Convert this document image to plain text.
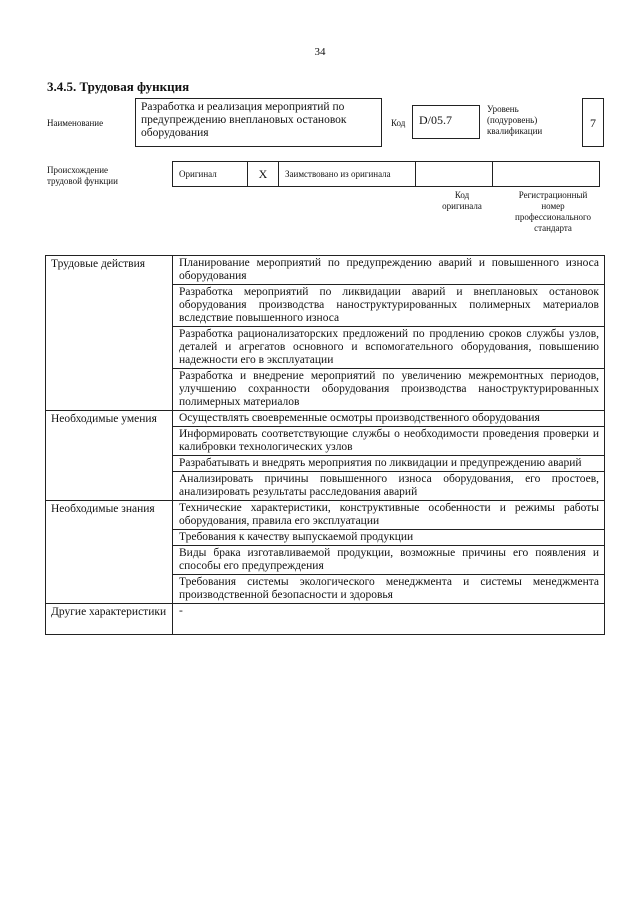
34
3.4.5. Трудовая функция
Наименование
Разработка и реализация мероприятий по предупреждению внеплановых остановок оборудования
Код	D/05.7
Уровень
(подуровень)
квалификации
7
Происхождение
трудовой функции
Оригинал	X	Заимствовано из оригинала		
Код
оригинала
Регистрационный
номер
профессионального
стандарта
Трудовые действия	Планирование мероприятий по предупреждению аварий и повышенного износа оборудования
	Разработка мероприятий по ликвидации аварий и внеплановых остановок оборудования производства наноструктурированных полимерных материалов вследствие повышенного износа
	Разработка рационализаторских предложений по продлению сроков службы узлов, деталей и агрегатов основного и вспомогательного оборудования, повышению надежности его в эксплуатации
	Разработка и внедрение мероприятий по увеличению межремонтных периодов, улучшению сохранности оборудования производства наноструктурированных полимерных материалов
Необходимые умения	Осуществлять своевременные осмотры производственного оборудования
	Информировать соответствующие службы о необходимости проведения проверки и калибровки технологических узлов
	Разрабатывать и внедрять мероприятия по ликвидации и предупреждению аварий
	Анализировать причины повышенного износа оборудования, его простоев, анализировать результаты расследования аварий
Необходимые знания	Технические характеристики, конструктивные особенности и режимы работы оборудования, правила его эксплуатации
	Требования к качеству выпускаемой продукции
	Виды брака изготавливаемой продукции, возможные причины его появления и способы его предупреждения
	Требования системы экологического менеджмента и системы менеджмента производственной безопасности и здоровья
Другие характеристики	-
